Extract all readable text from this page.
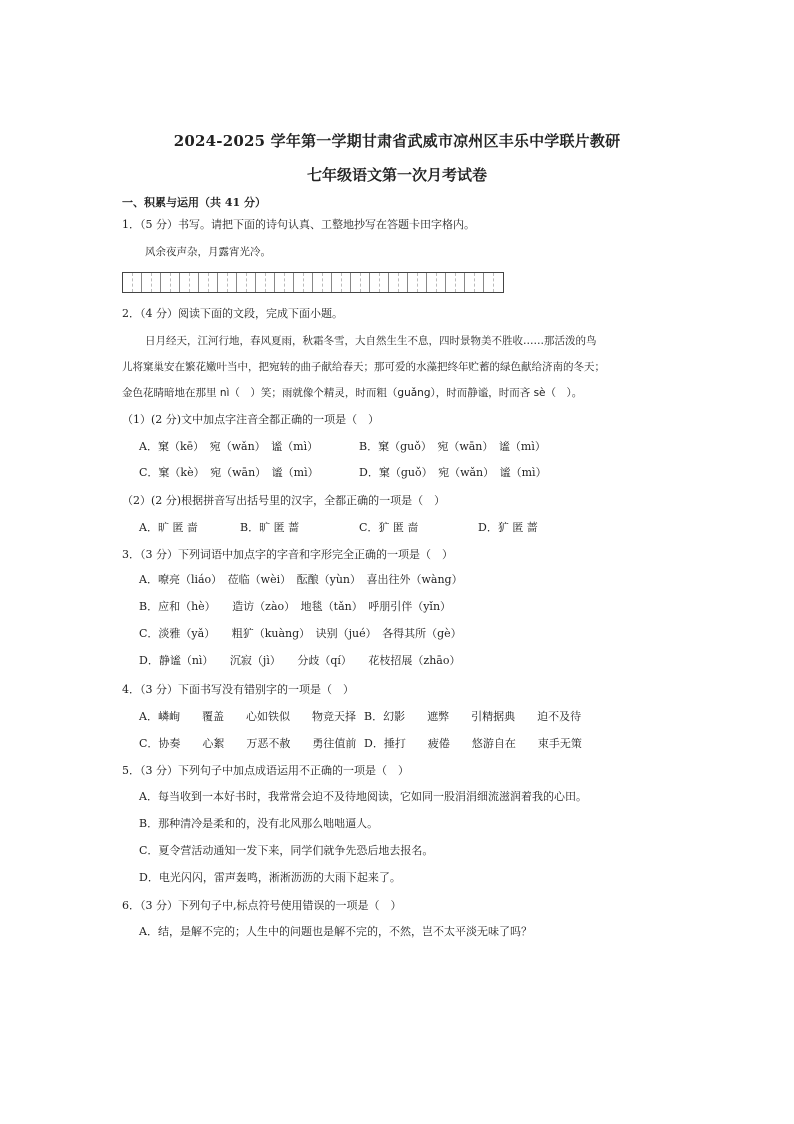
2024-2025 学年第一学期甘肃省武威市凉州区丰乐中学联片教研
七年级语文第一次月考试卷
一、积累与运用（共 41 分）
1．（5 分）书写。请把下面的诗句认真、工整地抄写在答题卡田字格内。
风余夜声杂，月露宵光冷。
2．（4 分）阅读下面的文段，完成下面小题。
日月经天，江河行地，春风夏雨，秋霜冬雪，大自然生生不息，四时景物美不胜收……那活泼的鸟
儿将窠巢安在繁花嫩叶当中，把宛转的曲子献给春天；那可爱的水藻把终年贮蓄的绿色献给济南的冬天；
金色花睛暗地在那里 nì（　）笑；雨就像个精灵，时而粗（guǎng），时而静谧，时而吝 sè（　）。
（1）(2 分)文中加点字注音全都正确的一项是（　）
A．窠（kē）　宛（wǎn）　谧（mì）	B．窠（guǒ）　宛（wān）　谧（mì）
C．窠（kè）　宛（wān）　谧（mì）	D．窠（guǒ）　宛（wǎn）　谧（mì）
（2）(2 分)根据拼音写出括号里的汉字，全都正确的一项是（　）
A．旷 匿 啬	B．旷 匿 蔷	C．犷 匿 啬	D．犷 匿 蔷
3．（3 分）下列词语中加点字的字音和字形完全正确的一项是（　）
A．嘹亮（liáo）　莅临（wèi）　酝酿（yùn）　喜出往外（wàng）
B．应和（hè）　　造访（zào）　地毯（tǎn）　呼朋引伴（yǐn）
C．淡雅（yǎ）　　粗犷（kuàng）　诀别（jué）　各得其所（gè）
D．静谧（nì）　　沉寂（jì）　　分歧（qí）　　花枝招展（zhāo）
4．（3 分）下面书写没有错别字的一项是（　）
A．嶙峋　　覆盖　　心如铁似　　物竞天择 B．幻影　　遮弊　　引精据典　　迫不及待
C．协奏　　心絮　　万恶不赦　　勇往值前 D．捶打　　疲倦　　悠游自在　　束手无策
5．（3 分）下列句子中加点成语运用不正确的一项是（　）
A．每当收到一本好书时，我常常会迫不及待地阅读，它如同一股涓涓细流滋润着我的心田。
B．那种清冷是柔和的，没有北风那么咄咄逼人。
C．夏令营活动通知一发下来，同学们就争先恐后地去报名。
D．电光闪闪，雷声轰鸣，淅淅沥沥的大雨下起来了。
6．（3 分）下列句子中,标点符号使用错误的一项是（　）
A．结，是解不完的；人生中的问题也是解不完的，不然，岂不太平淡无味了吗？
